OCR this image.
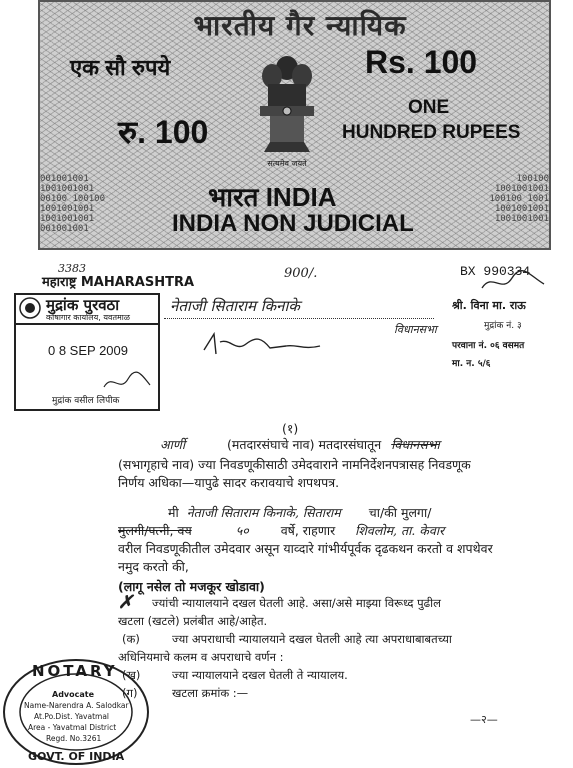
001001001
1001001001
00100 100100
1001001001
1001001001
001001001
100100
1001001001
100100 1001
1001001001
1001001001
भारतीय गैर न्यायिक
एक सौ रुपये	Rs. 100
रु. 100
ONE
HUNDRED RUPEES
सत्यमेव जयते
भारत INDIA
INDIA NON JUDICIAL
3383
महाराष्ट्र MAHARASHTRA
900/.	BX 990334
मुद्रांक पुरवठा
कोषागार कार्यालय, यवतमाळ
0 8 SEP 2009
मुद्रांक वसील लिपीक
नेताजी सिताराम किनाके
विधानसभा
श्री. विना मा. राऊ
मुद्रांक नं. ३
परवाना नं. ०६ वसमत
मा. न. ५/६
(१)
आर्णी	(मतदारसंघाचे नाव) मतदारसंघातून विधानसभा
(सभागृहाचे नाव) ज्या निवडणूकीसाठी उमेदवाराने नामनिर्देशनपत्रासह निवडणूक
निर्णय अधिका—यापुढे सादर करावयाचे शपथपत्र.
मी नेताजी सिताराम किनाके, सिताराम चा/की मुलगा/
मुलगी/पत्नी, वय	५०	वर्षे, राहणार शिवलोम, ता. केवार
वरील निवडणूकीतील उमेदवार असून याव्दारे गांभीर्यपूर्वक दृढकथन करतो व शपथेवर
नमुद करतो की,
(लागू नसेल तो मजकूर खोडावा)
✗ ज्यांची न्यायालयाने दखल घेतली आहे. असा/असे माझ्या विरूध्द पुढील
खटला (खटले) प्रलंबीत आहे/आहेत.
(क)	ज्या अपराधाची न्यायालयाने दखल घेतली आहे त्या अपराधाबाबतच्या
अधिनियमाचे कलम व अपराधाचे वर्णन :
(ख)	ज्या न्यायालयाने दखल घेतली ते न्यायालय.
(ग)	खटला क्रमांक :—
—२—
NOTARY
Advocate
Name-Narendra A. Salodkar
At.Po.Dist. Yavatmal
Area - Yavatmal District
Regd. No.3261
GOVT. OF INDIA
